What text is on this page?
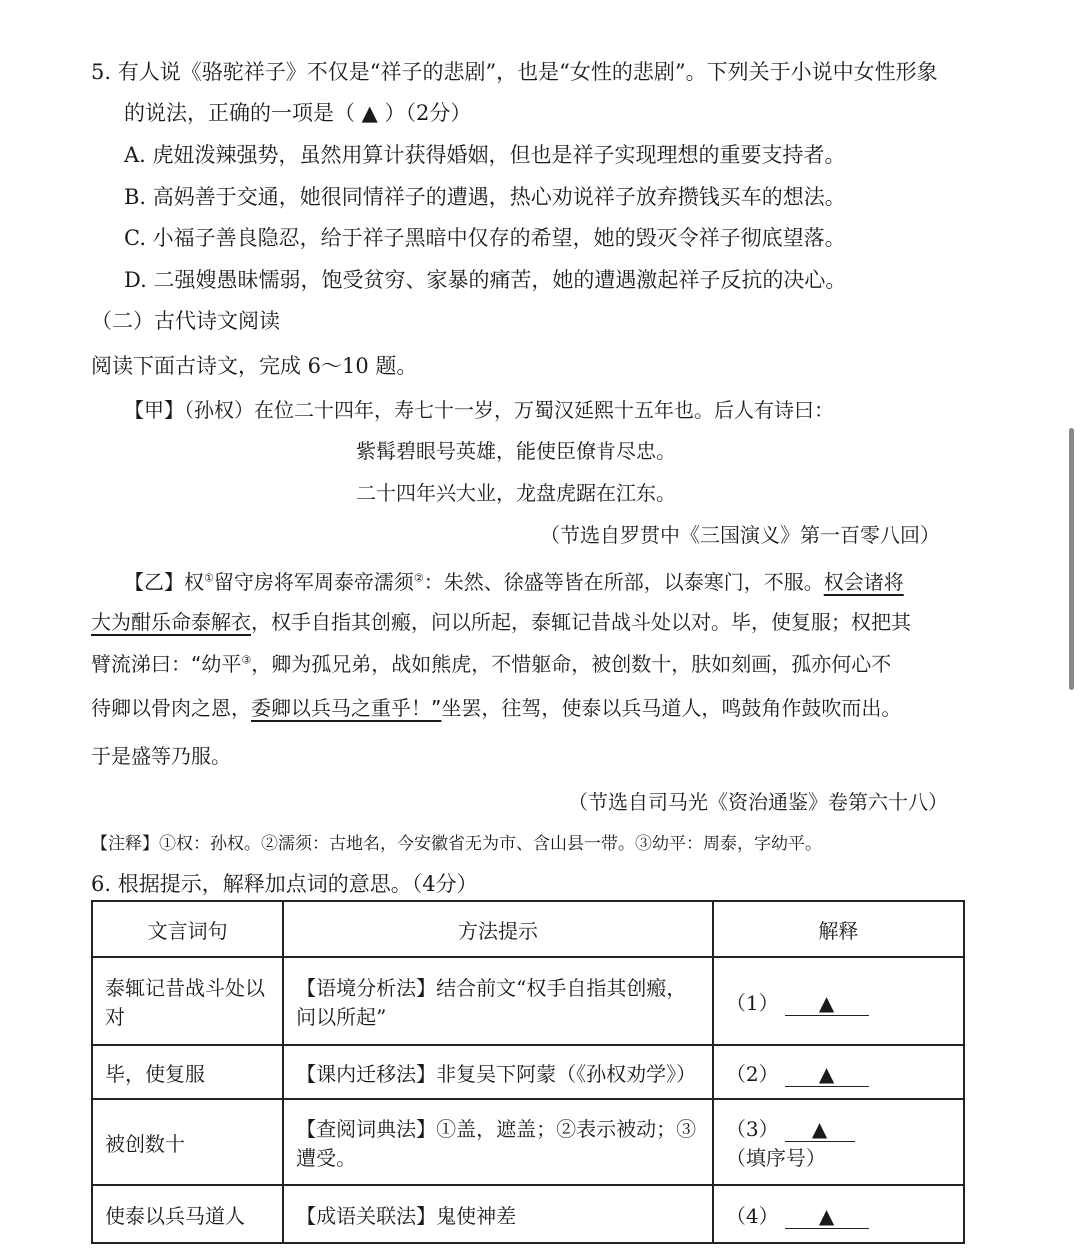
5. 有人说《骆驼祥子》不仅是“祥子的悲剧”，也是“女性的悲剧”。下列关于小说中女性形象
的说法，正确的一项是（ ▲ ）（2分）
A. 虎妞泼辣强势，虽然用算计获得婚姻，但也是祥子实现理想的重要支持者。
B. 高妈善于交通，她很同情祥子的遭遇，热心劝说祥子放弃攒钱买车的想法。
C. 小福子善良隐忍，给于祥子黑暗中仅存的希望，她的毁灭令祥子彻底望落。
D. 二强嫂愚昧懦弱，饱受贫穷、家暴的痛苦，她的遭遇激起祥子反抗的决心。
（二）古代诗文阅读
阅读下面古诗文，完成 6～10 题。
【甲】（孙权）在位二十四年，寿七十一岁，万蜀汉延熙十五年也。后人有诗曰：
紫髯碧眼号英雄，能使臣僚肯尽忠。
二十四年兴大业，龙盘虎踞在江东。
（节选自罗贯中《三国演义》第一百零八回）
【乙】权①留守房将军周泰帝濡须②：朱然、徐盛等皆在所部，以泰寒门，不服。权会诸将
大为酣乐命泰解衣，权手自指其创瘢，问以所起，泰辄记昔战斗处以对。毕，使复服；权把其
臂流涕曰：“幼平③，卿为孤兄弟，战如熊虎，不惜躯命，被创数十，肤如刻画，孤亦何心不
待卿以骨肉之恩，委卿以兵马之重乎！”坐罢，往驾，使泰以兵马道人，鸣鼓角作鼓吹而出。
于是盛等乃服。
（节选自司马光《资治通鉴》卷第六十八）
【注释】①权：孙权。②濡须：古地名，今安徽省无为市、含山县一带。③幼平：周泰，字幼平。
6. 根据提示，解释加点词的意思。（4分）
文言词句	方法提示	解释
泰辄记昔战斗处以对	【语境分析法】结合前文“权手自指其创瘢，问以所起”	（1） ▲
毕，使复服	【课内迁移法】非复吴下阿蒙（《孙权劝学》）	（2） ▲
被创数十	【查阅词典法】①盖，遮盖；②表示被动；③遭受。	（3） ▲（填序号）
使泰以兵马道人	【成语关联法】鬼使神差	（4） ▲
